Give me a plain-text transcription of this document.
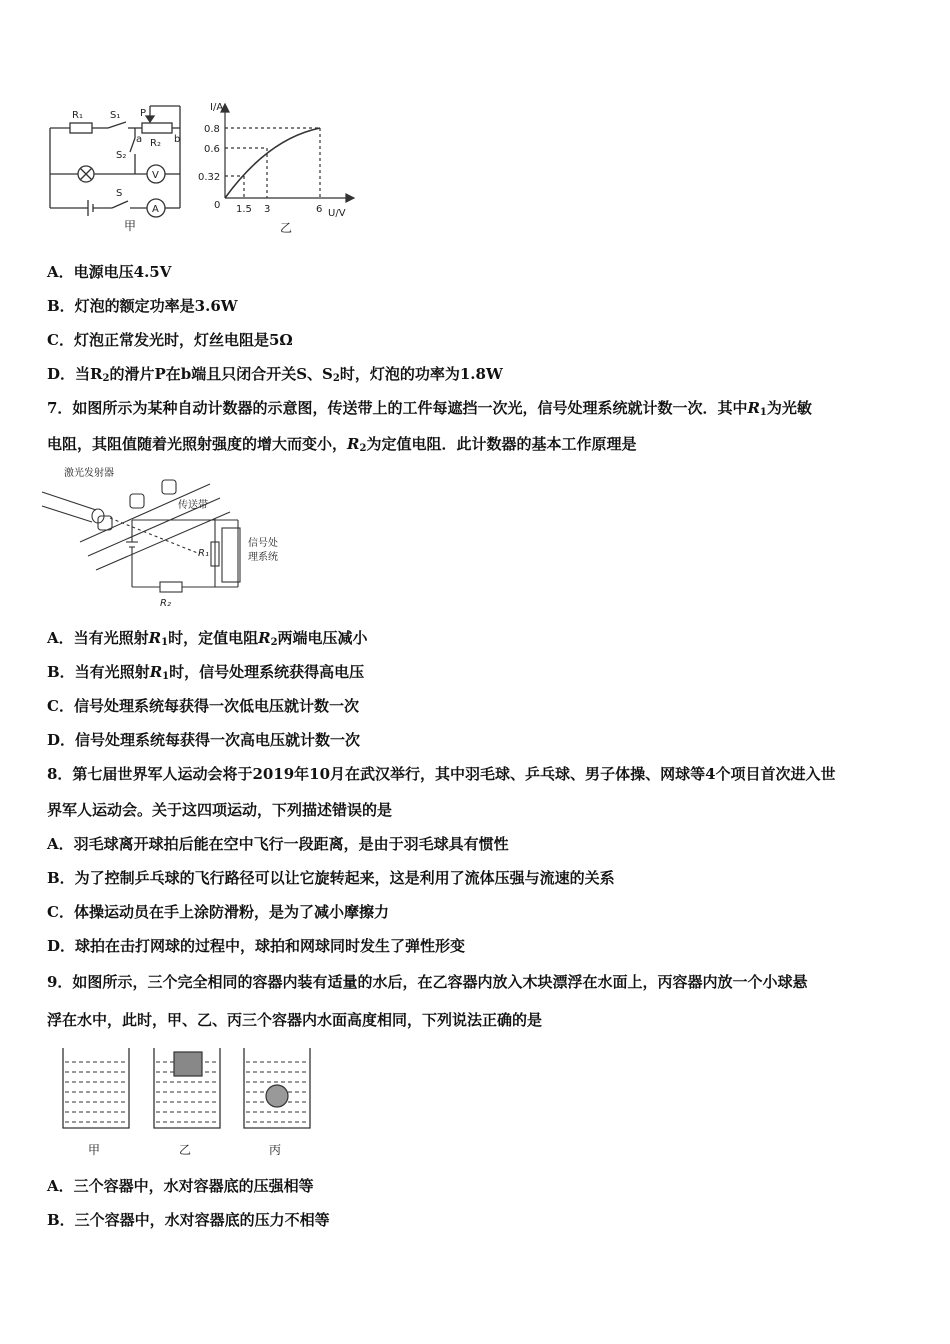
R₁	S₁ P
a	b
R₂
S₂
S
V
A
甲
I/A
U/V
0.8
0.6
0.32
0 1.5 3	6
乙
A．电源电压4.5V
B．灯泡的额定功率是3.6W
C．灯泡正常发光时，灯丝电阻是5Ω
D．当$R_2$的滑片P在b端且只闭合开关S、$S_2$时，灯泡的功率为1.8W
7．如图所示为某种自动计数器的示意图，传送带上的工件每遮挡一次光，信号处理系统就计数一次．其中$R_1$为光敏
电阻，其阻值随着光照射强度的增大而变小，$R_2$为定值电阻．此计数器的基本工作原理是
激光发射器
传送带
信号处
理系统
R₁
R₂
A．当有光照射$R_1$时，定值电阻$R_2$两端电压减小
B．当有光照射$R_1$时，信号处理系统获得高电压
C．信号处理系统每获得一次低电压就计数一次
D．信号处理系统每获得一次高电压就计数一次
8．第七届世界军人运动会将于2019年10月在武汉举行，其中羽毛球、乒乓球、男子体操、网球等4个项目首次进入世
界军人运动会。关于这四项运动，下列描述错误的是
A．羽毛球离开球拍后能在空中飞行一段距离，是由于羽毛球具有惯性
B．为了控制乒乓球的飞行路径可以让它旋转起来，这是利用了流体压强与流速的关系
C．体操运动员在手上涂防滑粉，是为了减小摩擦力
D．球拍在击打网球的过程中，球拍和网球同时发生了弹性形变
9．如图所示，三个完全相同的容器内装有适量的水后，在乙容器内放入木块漂浮在水面上，丙容器内放一个小球悬
浮在水中，此时，甲、乙、丙三个容器内水面高度相同，下列说法正确的是
甲	乙	丙
A．三个容器中，水对容器底的压强相等
B．三个容器中，水对容器底的压力不相等
